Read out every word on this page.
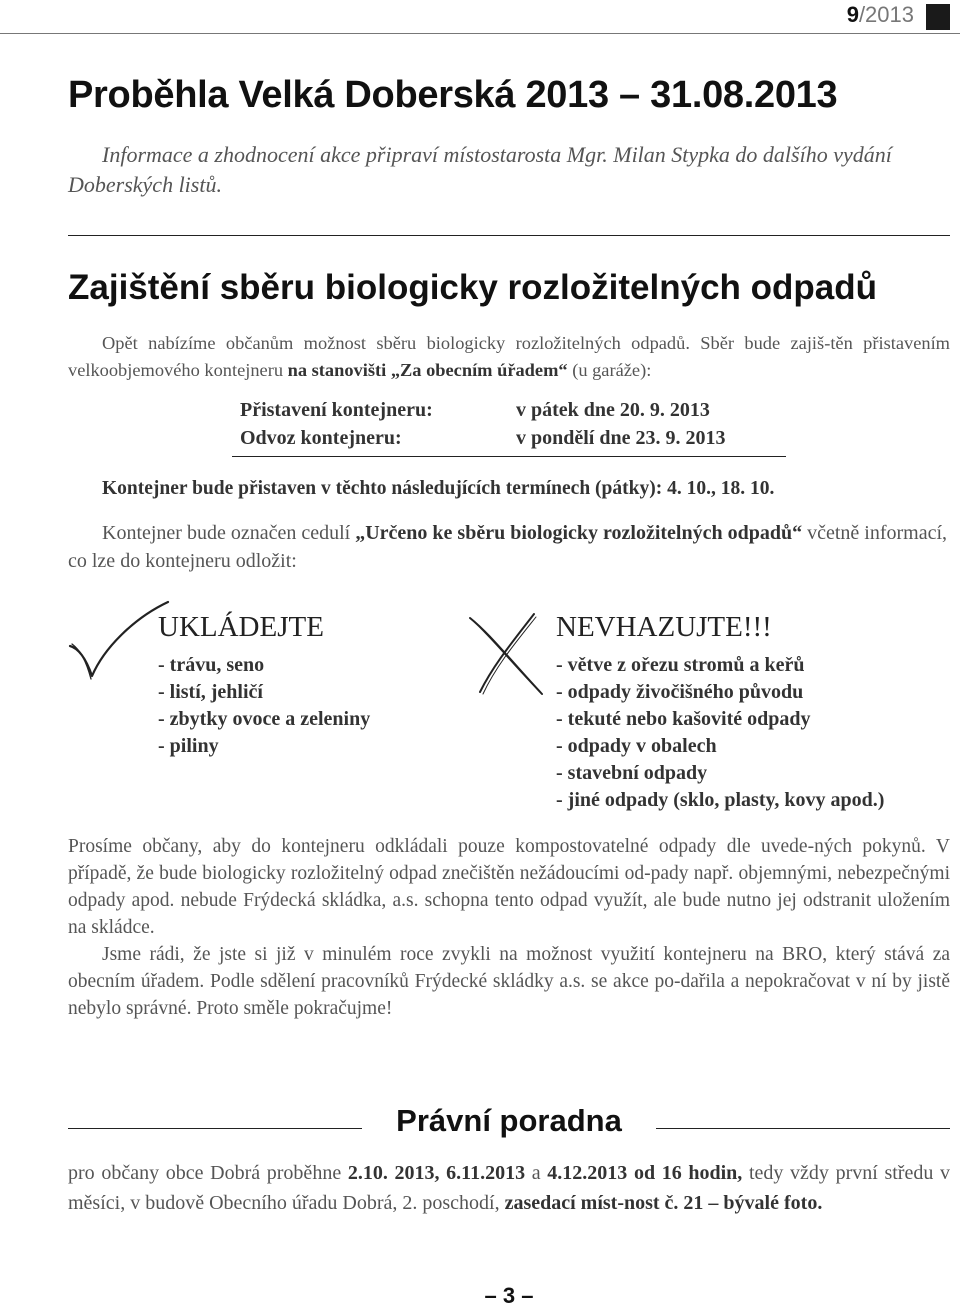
9/2013
Proběhla Velká Doberská 2013 – 31.08.2013
Informace a zhodnocení akce připraví místostarosta Mgr. Milan Stypka do dalšího vydání Doberských listů.
Zajištění sběru biologicky rozložitelných odpadů
Opět nabízíme občanům možnost sběru biologicky rozložitelných odpadů. Sběr bude zajiš-těn přistavením velkoobjemového kontejneru na stanovišti „Za obecním úřadem“ (u garáže):
Přistavení kontejneru:	v pátek dne 20. 9. 2013
Odvoz kontejneru:	v pondělí dne 23. 9. 2013
Kontejner bude přistaven v těchto následujících termínech (pátky): 4. 10., 18. 10.
Kontejner bude označen cedulí „Určeno ke sběru biologicky rozložitelných odpadů“ včetně informací, co lze do kontejneru odložit:
UKLÁDEJTE
- trávu, seno
- listí, jehličí
- zbytky ovoce a zeleniny
- piliny
NEVHAZUJTE!!!
- větve z ořezu stromů a keřů
- odpady živočišného původu
- tekuté nebo kašovité odpady
- odpady v obalech
- stavební odpady
- jiné odpady (sklo, plasty, kovy apod.)

Prosíme občany, aby do kontejneru odkládali pouze kompostovatelné odpady dle uvede-ných pokynů. V případě, že bude biologicky rozložitelný odpad znečištěn nežádoucími od-pady např. objemnými, nebezpečnými odpady apod. nebude Frýdecká skládka, a.s. schopna tento odpad využít, ale bude nutno jej odstranit uložením na skládce.

Jsme rádi, že jste si již v minulém roce zvykli na možnost využití kontejneru na BRO, který stává za obecním úřadem. Podle sdělení pracovníků Frýdecké skládky a.s. se akce po-dařila a nepokračovat v ní by jistě nebylo správné. Proto směle pokračujme!

Právní poradna
pro občany obce Dobrá proběhne 2.10. 2013, 6.11.2013 a 4.12.2013 od 16 hodin, tedy vždy první středu v měsíci, v budově Obecního úřadu Dobrá, 2. poschodí, zasedací míst-nost č. 21 – bývalé foto.
– 3 –
